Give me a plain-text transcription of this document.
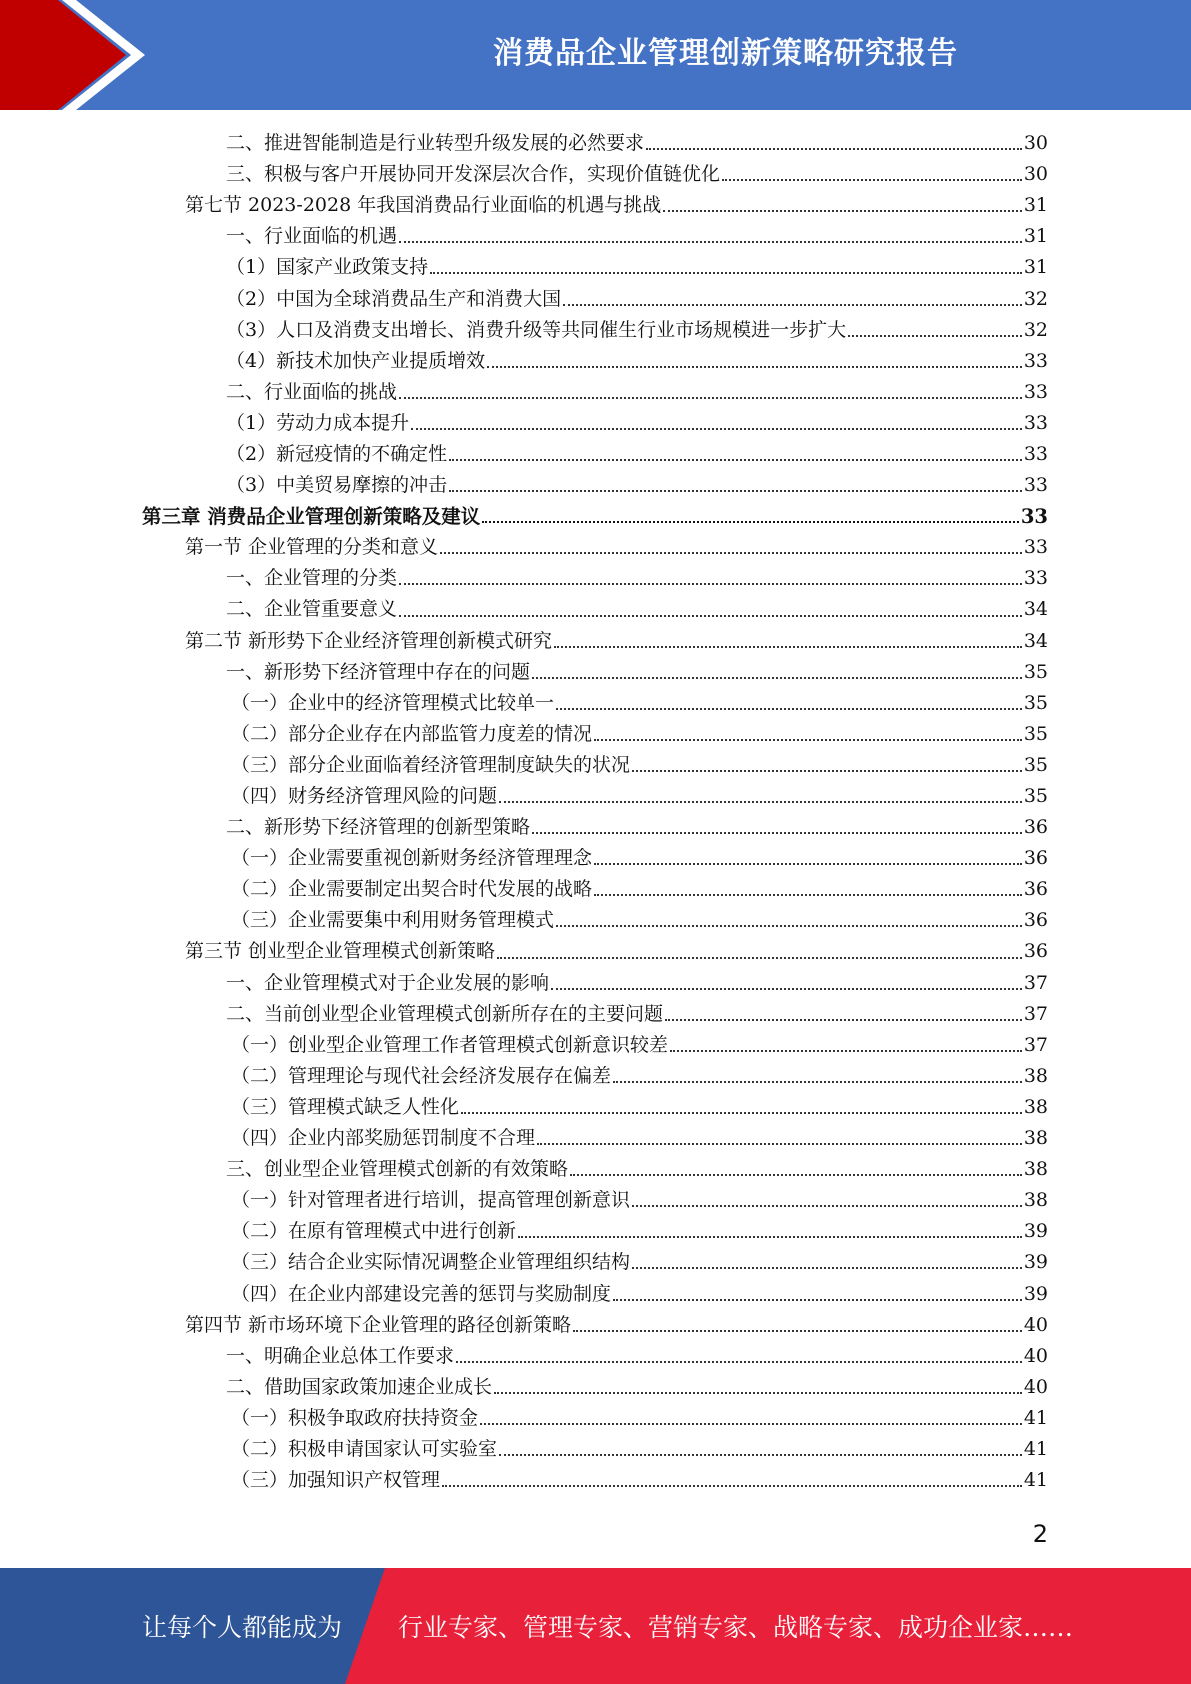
消费品企业管理创新策略研究报告
二、推进智能制造是行业转型升级发展的必然要求	30
三、积极与客户开展协同开发深层次合作，实现价值链优化	30
第七节 2023-2028 年我国消费品行业面临的机遇与挑战	31
一、行业面临的机遇	31
（1）国家产业政策支持	31
（2）中国为全球消费品生产和消费大国	32
（3）人口及消费支出增长、消费升级等共同催生行业市场规模进一步扩大	32
（4）新技术加快产业提质增效	33
二、行业面临的挑战	33
（1）劳动力成本提升	33
（2）新冠疫情的不确定性	33
（3）中美贸易摩擦的冲击	33
第三章 消费品企业管理创新策略及建议	33
第一节 企业管理的分类和意义	33
一、企业管理的分类	33
二、企业管重要意义	34
第二节 新形势下企业经济管理创新模式研究	34
一、新形势下经济管理中存在的问题	35
（一）企业中的经济管理模式比较单一	35
（二）部分企业存在内部监管力度差的情况	35
（三）部分企业面临着经济管理制度缺失的状况	35
（四）财务经济管理风险的问题	35
二、新形势下经济管理的创新型策略	36
（一）企业需要重视创新财务经济管理理念	36
（二）企业需要制定出契合时代发展的战略	36
（三）企业需要集中利用财务管理模式	36
第三节 创业型企业管理模式创新策略	36
一、企业管理模式对于企业发展的影响	37
二、当前创业型企业管理模式创新所存在的主要问题	37
（一）创业型企业管理工作者管理模式创新意识较差	37
（二）管理理论与现代社会经济发展存在偏差	38
（三）管理模式缺乏人性化	38
（四）企业内部奖励惩罚制度不合理	38
三、创业型企业管理模式创新的有效策略	38
（一）针对管理者进行培训，提高管理创新意识	38
（二）在原有管理模式中进行创新	39
（三）结合企业实际情况调整企业管理组织结构	39
（四）在企业内部建设完善的惩罚与奖励制度	39
第四节 新市场环境下企业管理的路径创新策略	40
一、明确企业总体工作要求	40
二、借助国家政策加速企业成长	40
（一）积极争取政府扶持资金	41
（二）积极申请国家认可实验室	41
（三）加强知识产权管理	41
2
让每个人都能成为 行业专家、管理专家、营销专家、战略专家、成功企业家……
